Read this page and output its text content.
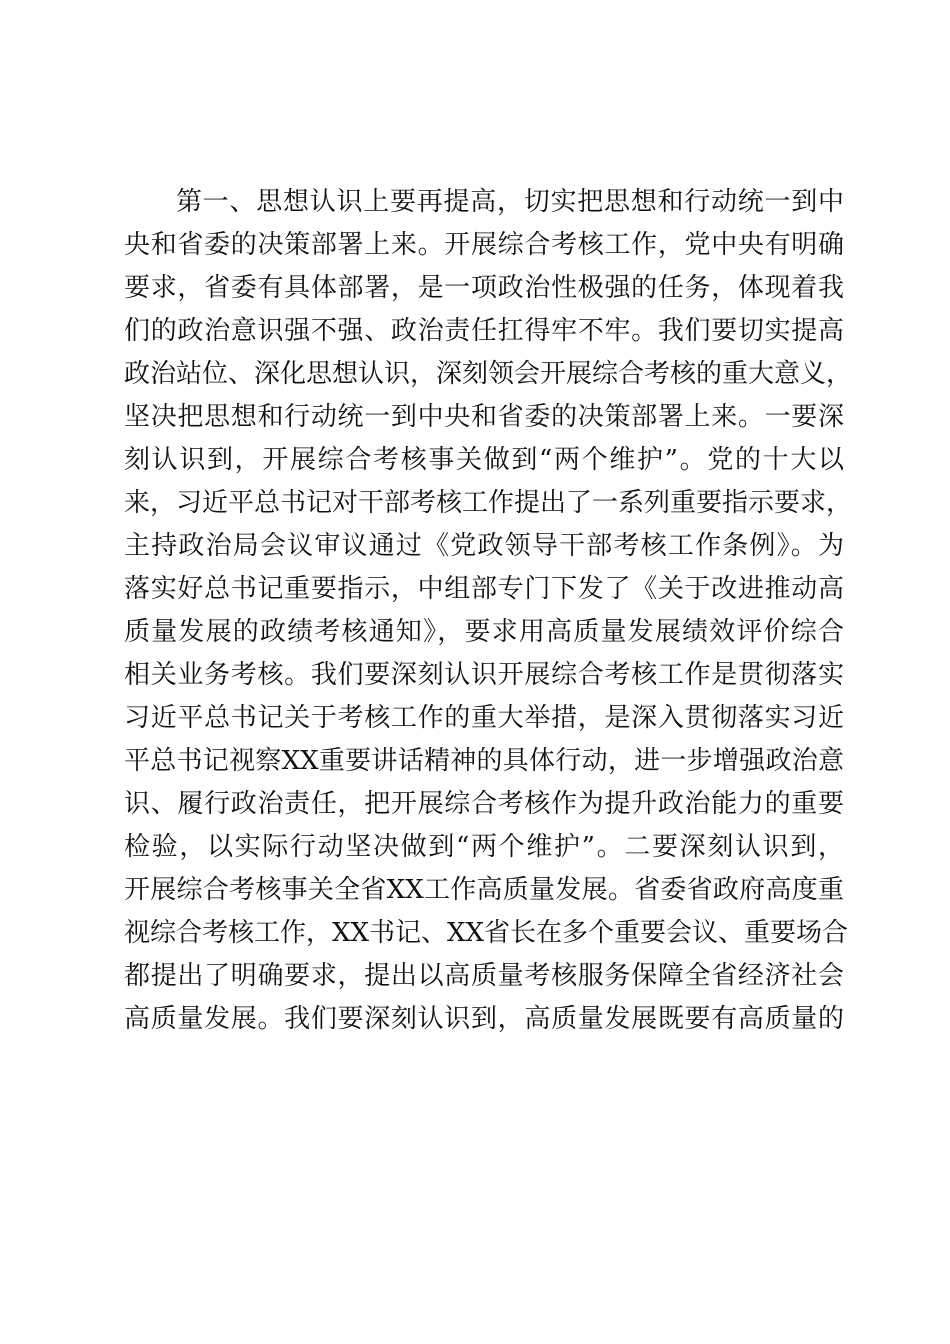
第一、思想认识上要再提高，切实把思想和行动统一到中
央和省委的决策部署上来。开展综合考核工作，党中央有明确
要求，省委有具体部署，是一项政治性极强的任务，体现着我
们的政治意识强不强、政治责任扛得牢不牢。我们要切实提高
政治站位、深化思想认识，深刻领会开展综合考核的重大意义，
坚决把思想和行动统一到中央和省委的决策部署上来。一要深
刻认识到，开展综合考核事关做到“两个维护”。党的十大以
来，习近平总书记对干部考核工作提出了一系列重要指示要求，
主持政治局会议审议通过《党政领导干部考核工作条例》。为
落实好总书记重要指示，中组部专门下发了《关于改进推动高
质量发展的政绩考核通知》，要求用高质量发展绩效评价综合
相关业务考核。我们要深刻认识开展综合考核工作是贯彻落实
习近平总书记关于考核工作的重大举措，是深入贯彻落实习近
平总书记视察XX重要讲话精神的具体行动，进一步增强政治意
识、履行政治责任，把开展综合考核作为提升政治能力的重要
检验，以实际行动坚决做到“两个维护”。二要深刻认识到，
开展综合考核事关全省XX工作高质量发展。省委省政府高度重
视综合考核工作，XX书记、XX省长在多个重要会议、重要场合
都提出了明确要求，提出以高质量考核服务保障全省经济社会
高质量发展。我们要深刻认识到，高质量发展既要有高质量的
